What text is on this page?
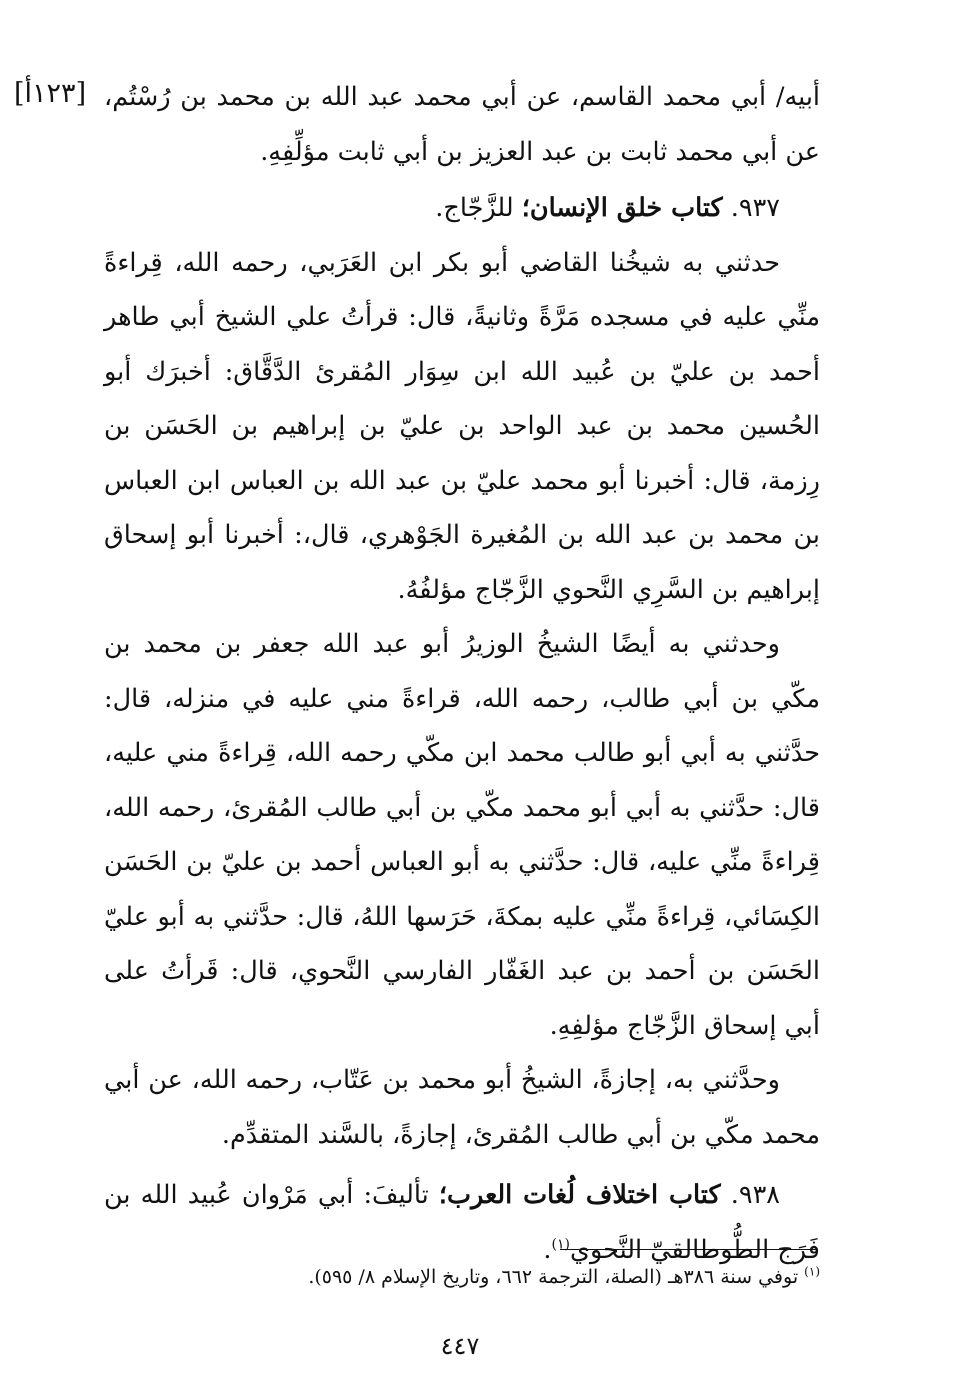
[١٢٣أ] أبيه/ أبي محمد القاسم، عن أبي محمد عبد الله بن محمد بن رُسْتُم، عن أبي محمد ثابت بن عبد العزيز بن أبي ثابت مؤلِّفِهِ.

٩٣٧. كتاب خلق الإنسان؛ للزَّجّاج.

حدثني به شيخُنا القاضي أبو بكر ابن العَرَبي، رحمه الله، قِراءةً منِّي عليه في مسجده مَرَّةً وثانيةً، قال: قرأتُ علي الشيخ أبي طاهر أحمد بن عليّ بن عُبيد الله ابن سِوَار المُقرئ الدَّقَّاق: أخبرَك أبو الحُسين محمد بن عبد الواحد بن عليّ بن إبراهيم بن الحَسَن بن رِزمة، قال: أخبرنا أبو محمد عليّ بن عبد الله بن العباس ابن العباس بن محمد بن عبد الله بن المُغيرة الجَوْهري، قال،: أخبرنا أبو إسحاق إبراهيم بن السَّرِي النَّحوي الزَّجّاج مؤلفُهُ.

وحدثني به أيضًا الشيخُ الوزيرُ أبو عبد الله جعفر بن محمد بن مكّي بن أبي طالب، رحمه الله، قراءةً مني عليه في منزله، قال: حدَّثني به أبي أبو طالب محمد ابن مكّي رحمه الله، قِراءةً مني عليه، قال: حدَّثني به أبي أبو محمد مكّي بن أبي طالب المُقرئ، رحمه الله، قِراءةً منِّي عليه، قال: حدَّثني به أبو العباس أحمد بن عليّ بن الحَسَن الكِسَائي، قِراءةً منِّي عليه بمكةَ، حَرَسها اللهُ، قال: حدَّثني به أبو عليّ الحَسَن بن أحمد بن عبد الغَفّار الفارسي النَّحوي، قال: قَرأتُ على أبي إسحاق الزَّجّاج مؤلفِهِ.

وحدَّثني به، إجازةً، الشيخُ أبو محمد بن عَتّاب، رحمه الله، عن أبي محمد مكّي بن أبي طالب المُقرئ، إجازةً، بالسَّند المتقدِّم.

٩٣٨. كتاب اختلاف لُغات العرب؛ تأليفَ: أبي مَرْوان عُبيد الله بن فَرَج الطُّوطالقيّ النَّحوي$^{(١)}$.

$^{(١)}$ توفي سنة ٣٨٦هـ (الصلة، الترجمة ٦٦٢، وتاريخ الإسلام ٨/ ٥٩٥).
٤٤٧
